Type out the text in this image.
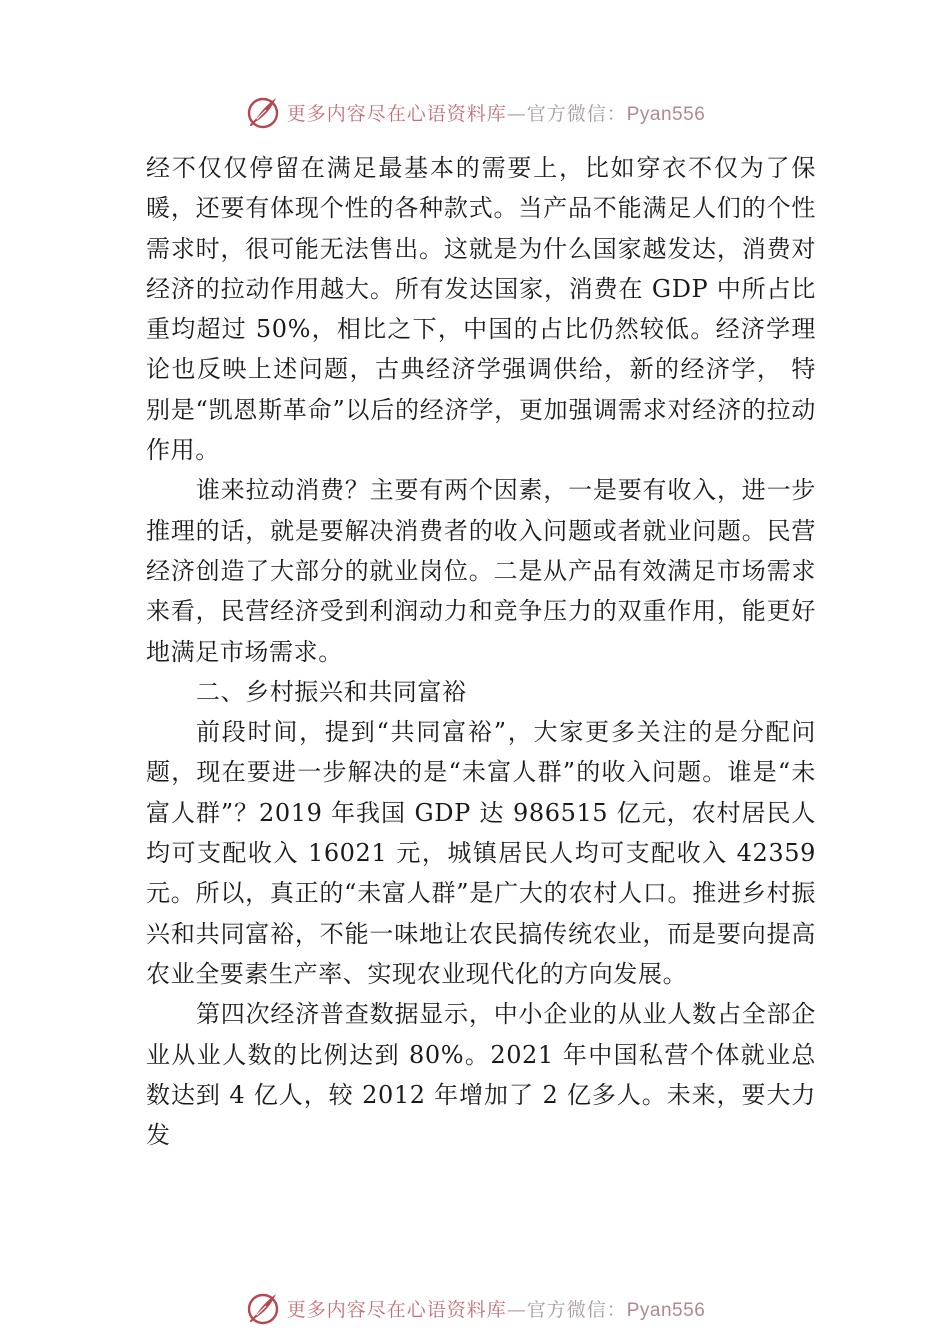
更多内容尽在心语资料库—官方微信：Pyan556

经不仅仅停留在满足最基本的需要上，比如穿衣不仅为了保暖，还要有体现个性的各种款式。当产品不能满足人们的个性需求时，很可能无法售出。这就是为什么国家越发达，消费对经济的拉动作用越大。所有发达国家，消费在 GDP 中所占比重均超过 50%，相比之下，中国的占比仍然较低。经济学理论也反映上述问题，古典经济学强调供给，新的经济学， 特别是“凯恩斯革命”以后的经济学，更加强调需求对经济的拉动作用。

谁来拉动消费？主要有两个因素，一是要有收入，进一步推理的话，就是要解决消费者的收入问题或者就业问题。民营经济创造了大部分的就业岗位。二是从产品有效满足市场需求来看，民营经济受到利润动力和竞争压力的双重作用，能更好地满足市场需求。

二、乡村振兴和共同富裕

前段时间，提到“共同富裕”，大家更多关注的是分配问题，现在要进一步解决的是“未富人群”的收入问题。谁是“未富人群”？2019 年我国 GDP 达 986515 亿元，农村居民人均可支配收入 16021 元，城镇居民人均可支配收入 42359 元。所以，真正的“未富人群”是广大的农村人口。推进乡村振兴和共同富裕，不能一味地让农民搞传统农业，而是要向提高农业全要素生产率、实现农业现代化的方向发展。

第四次经济普查数据显示，中小企业的从业人数占全部企业从业人数的比例达到 80%。2021 年中国私营个体就业总数达到 4 亿人，较 2012 年增加了 2 亿多人。未来，要大力发

更多内容尽在心语资料库—官方微信：Pyan556
